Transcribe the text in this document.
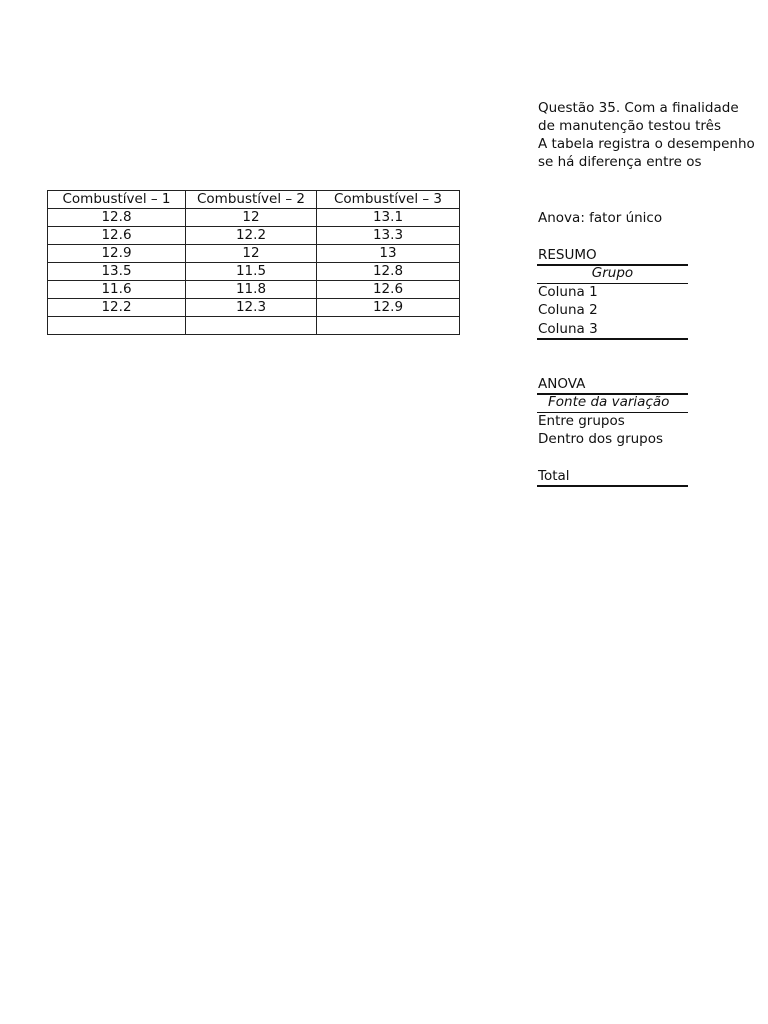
Combustível – 1	Combustível – 2	Combustível – 3
12.8	12	13.1
12.6	12.2	13.3
12.9	12	13
13.5	11.5	12.8
11.6	11.8	12.6
12.2	12.3	12.9

Questão 35. Com a finalidade
de manutenção testou três
A tabela registra o desempenho
se há diferença entre os
Anova: fator único
RESUMO
Grupo
Coluna 1
Coluna 2
Coluna 3
ANOVA
Fonte da variação
Entre grupos
Dentro dos grupos
Total
